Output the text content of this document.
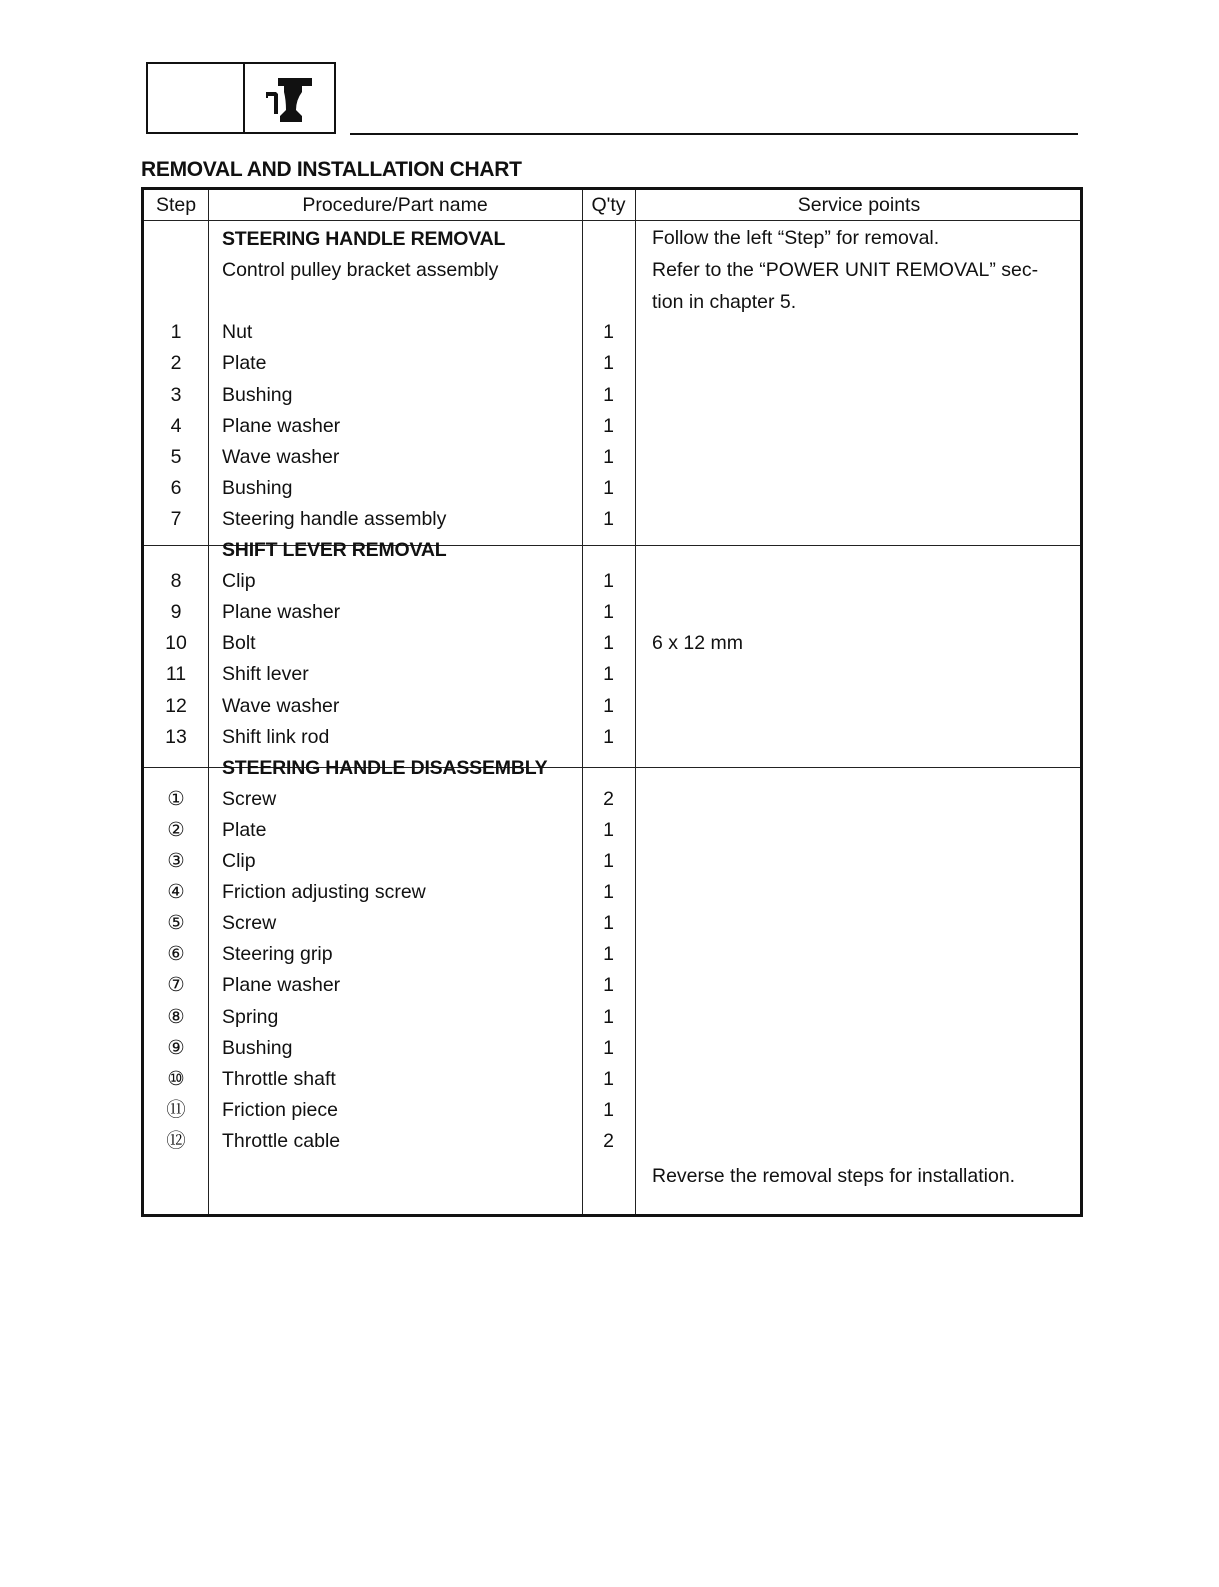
REMOVAL AND INSTALLATION CHART
Step	Procedure/Part name	Q'ty	Service points
Follow the left “Step” for removal.
Refer to the “POWER UNIT REMOVAL” sec-
tion in chapter 5.
STEERING HANDLE REMOVAL
Control pulley bracket assembly
1	Nut	1
2	Plate	1
3	Bushing	1
4	Plane washer	1
5	Wave washer	1
6	Bushing	1
7	Steering handle assembly	1
SHIFT LEVER REMOVAL
8	Clip	1
9	Plane washer	1
10	Bolt	1	6 x 12 mm
11	Shift lever	1
12	Wave washer	1
13	Shift link rod	1
STEERING HANDLE DISASSEMBLY
①	Screw	2
②	Plate	1
③	Clip	1
④	Friction adjusting screw	1
⑤	Screw	1
⑥	Steering grip	1
⑦	Plane washer	1
⑧	Spring	1
⑨	Bushing	1
⑩	Throttle shaft	1
⑪	Friction piece	1
⑫	Throttle cable	2
Reverse the removal steps for installation.
